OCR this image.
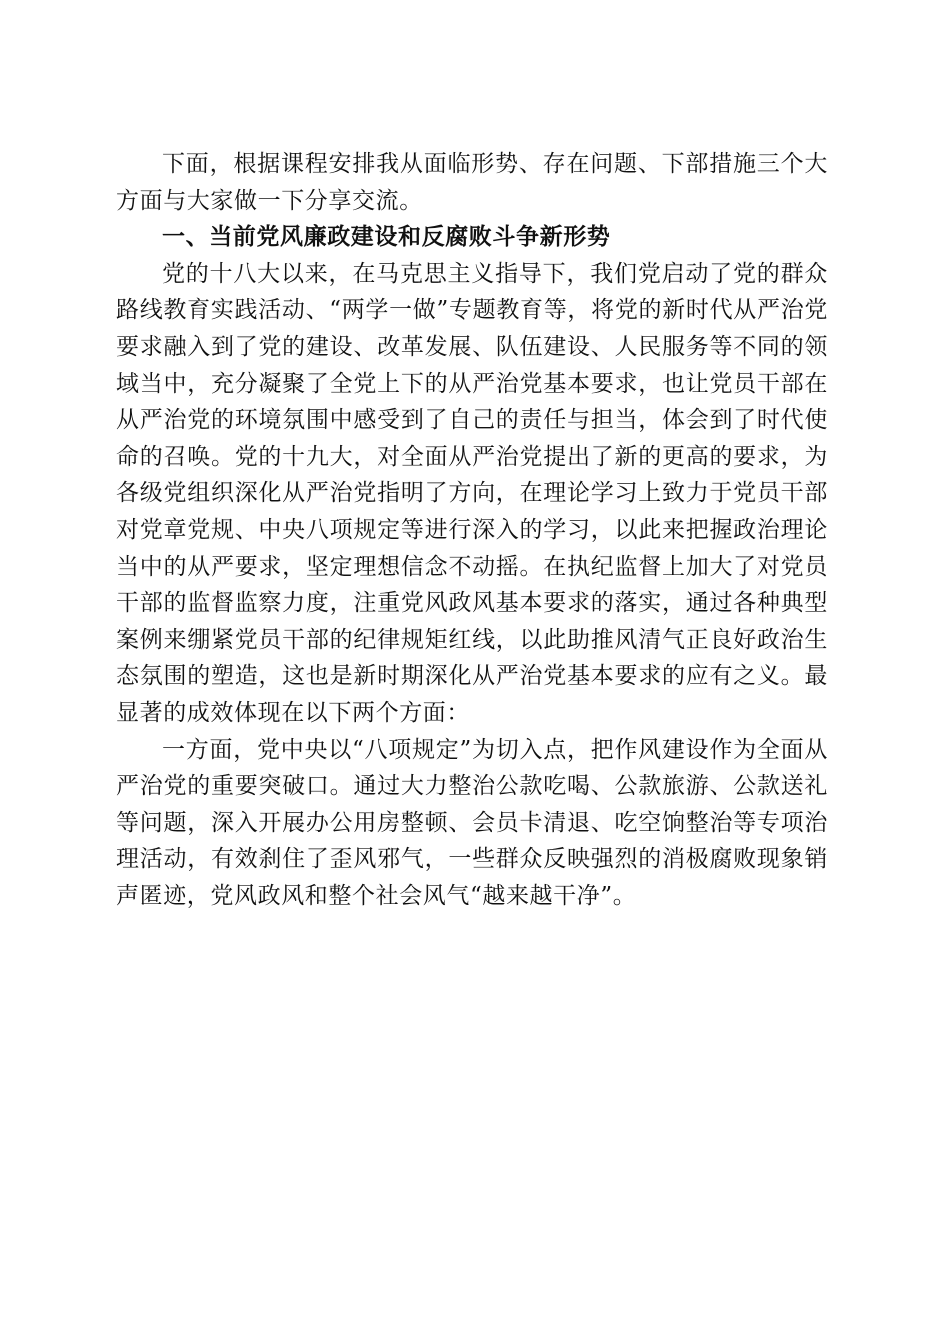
下面，根据课程安排我从面临形势、存在问题、下部措施三个大方面与大家做一下分享交流。

一、当前党风廉政建设和反腐败斗争新形势

党的十八大以来，在马克思主义指导下，我们党启动了党的群众路线教育实践活动、“两学一做”专题教育等，将党的新时代从严治党要求融入到了党的建设、改革发展、队伍建设、人民服务等不同的领域当中，充分凝聚了全党上下的从严治党基本要求，也让党员干部在从严治党的环境氛围中感受到了自己的责任与担当，体会到了时代使命的召唤。党的十九大，对全面从严治党提出了新的更高的要求，为各级党组织深化从严治党指明了方向，在理论学习上致力于党员干部对党章党规、中央八项规定等进行深入的学习，以此来把握政治理论当中的从严要求，坚定理想信念不动摇。在执纪监督上加大了对党员干部的监督监察力度，注重党风政风基本要求的落实，通过各种典型案例来绷紧党员干部的纪律规矩红线，以此助推风清气正良好政治生态氛围的塑造，这也是新时期深化从严治党基本要求的应有之义。最显著的成效体现在以下两个方面：

一方面，党中央以“八项规定”为切入点，把作风建设作为全面从严治党的重要突破口。通过大力整治公款吃喝、公款旅游、公款送礼等问题，深入开展办公用房整顿、会员卡清退、吃空饷整治等专项治理活动，有效刹住了歪风邪气，一些群众反映强烈的消极腐败现象销声匿迹，党风政风和整个社会风气“越来越干净”。
